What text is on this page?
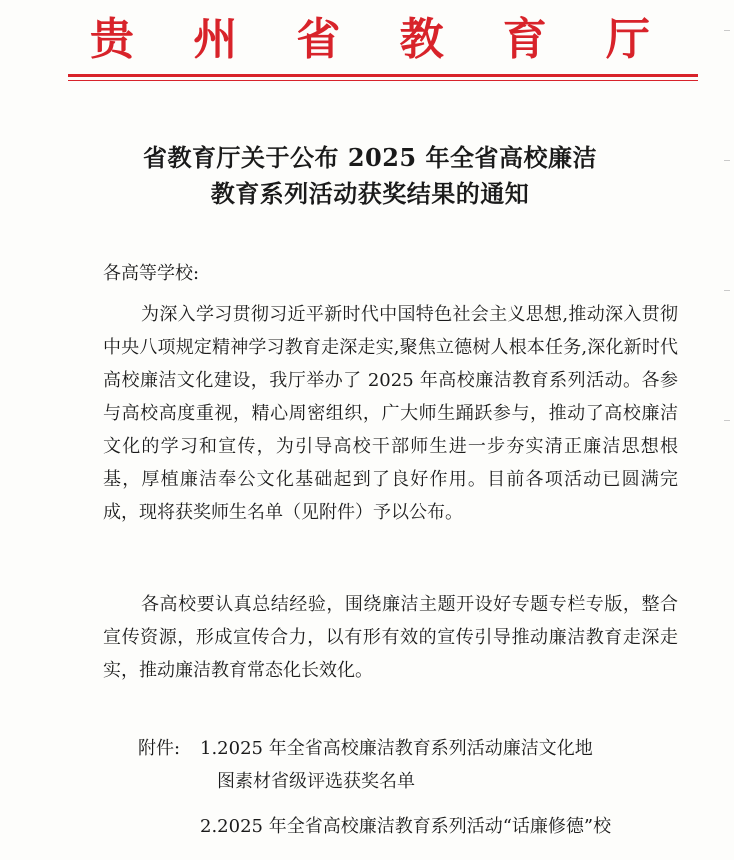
贵 州 省 教 育 厅
省教育厅关于公布 2025 年全省高校廉洁
教育系列活动获奖结果的通知
各高等学校:
为深入学习贯彻习近平新时代中国特色社会主义思想,推动深入贯彻中央八项规定精神学习教育走深走实,聚焦立德树人根本任务,深化新时代高校廉洁文化建设，我厅举办了 2025 年高校廉洁教育系列活动。各参与高校高度重视，精心周密组织，广大师生踊跃参与，推动了高校廉洁文化的学习和宣传，为引导高校干部师生进一步夯实清正廉洁思想根基，厚植廉洁奉公文化基础起到了良好作用。目前各项活动已圆满完成，现将获奖师生名单（见附件）予以公布。
各高校要认真总结经验，围绕廉洁主题开设好专题专栏专版，整合宣传资源，形成宣传合力，以有形有效的宣传引导推动廉洁教育走深走实，推动廉洁教育常态化长效化。
附件: 1.2025 年全省高校廉洁教育系列活动廉洁文化地
图素材省级评选获奖名单
2.2025 年全省高校廉洁教育系列活动“话廉修德”校
